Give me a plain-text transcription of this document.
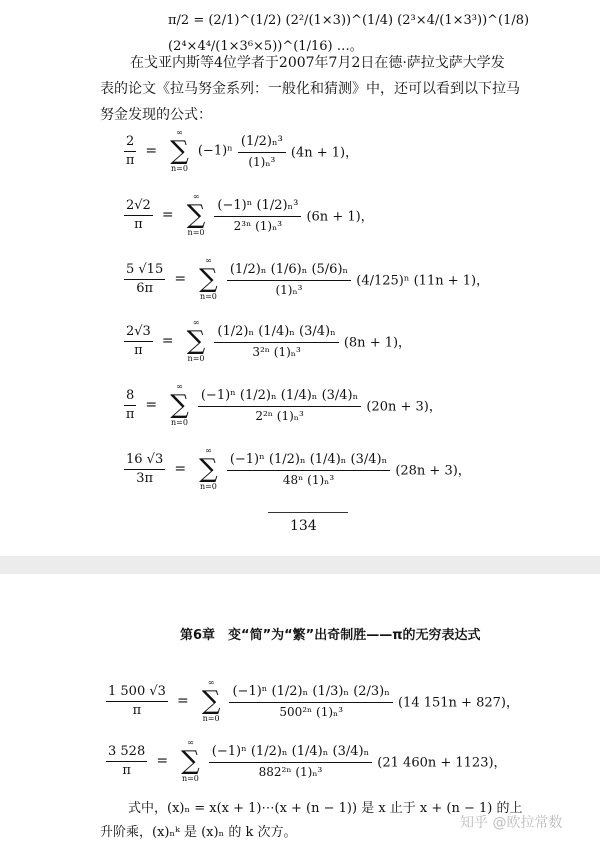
π/2 = (2/1)^(1/2) (2²/(1×3))^(1/4) (2³×4/(1×3³))^(1/8) (2⁴×4⁴/(1×3⁶×5))^(1/16) …。
在戈亚内斯等4位学者于2007年7月2日在德·萨拉戈萨大学发
表的论文《拉马努金系列：一般化和猜测》中，还可以看到以下拉马
努金发现的公式：
$\frac{2}{\pi}$ =
∞
∑
n=0
$(-1)^n \frac{\text{(1/2)ₙ³}}{\text{(1)ₙ³}} (4n + 1)$，
$\frac{2√2}{\pi}$ =
∞
∑
n=0
$\frac{\text{(−1)ⁿ (1/2)ₙ³}}{\text{2³ⁿ (1)ₙ³}} (6n + 1)$，
$\frac{5 √15}{6\pi}$ =
∞
∑
n=0
$\frac{\text{(1/2)ₙ (1/6)ₙ (5/6)ₙ}}{\text{(1)ₙ³}} (4/125)^n$ (11n + 1)，
$\frac{2√3}{\pi}$ =
∞
∑
n=0
$\frac{\text{(1/2)ₙ (1/4)ₙ (3/4)ₙ}}{\text{3²ⁿ (1)ₙ³}} (8n + 1)$，
$\frac{8}{\pi}$ =
∞
∑
n=0
$\frac{\text{(−1)ⁿ (1/2)ₙ (1/4)ₙ (3/4)ₙ}}{\text{2²ⁿ (1)ₙ³}} (20n + 3)$，
$\frac{16 √3}{3\pi}$ =
∞
∑
n=0
$\frac{\text{(−1)ⁿ (1/2)ₙ (1/4)ₙ (3/4)ₙ}}{\text{48ⁿ (1)ₙ³}} (28n + 3)$，
134
第6章　变“简”为“繁”出奇制胜——π的无穷表达式
$\frac{1 500 √3}{\pi}$ =
∞
∑
n=0
$\frac{\text{(−1)ⁿ (1/2)ₙ (1/3)ₙ (2/3)ₙ}}{\text{500²ⁿ (1)ₙ³}} (14$ 151n + 827)，
$\frac{3 528}{\pi}$ =
∞
∑
n=0
$\frac{\text{(−1)ⁿ (1/2)ₙ (1/4)ₙ (3/4)ₙ}}{\text{882²ⁿ (1)ₙ³}} (21$ 460n + 1123)，
式中，(x)ₙ = x(x + 1)⋯(x + (n − 1)) 是 x 止于 x + (n − 1) 的上
升阶乘，(x)ₙᵏ 是 (x)ₙ 的 k 次方。
知乎 @欧拉常数
